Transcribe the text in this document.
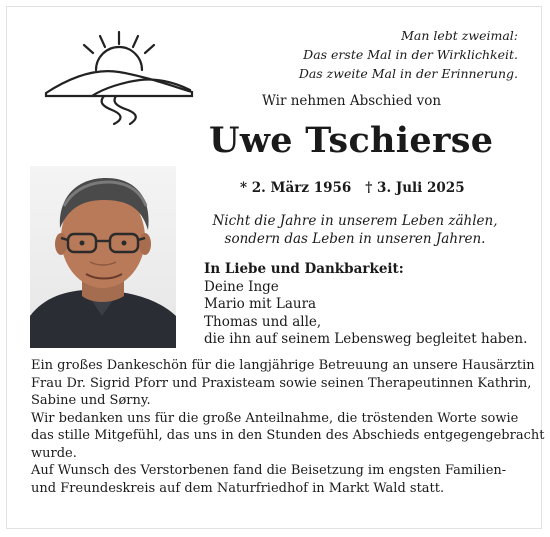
Man lebt zweimal:
Das erste Mal in der Wirklichkeit.
Das zweite Mal in der Erinnerung.
Wir nehmen Abschied von
Uwe Tschierse
* 2. März 1956 † 3. Juli 2025
Nicht die Jahre in unserem Leben zählen,
sondern das Leben in unseren Jahren.
In Liebe und Dankbarkeit:
Deine Inge
Mario mit Laura
Thomas und alle,
die ihn auf seinem Lebensweg begleitet haben.
Ein großes Dankeschön für die langjährige Betreuung an unsere Hausärztin
Frau Dr. Sigrid Pforr und Praxisteam sowie seinen Therapeutinnen Kathrin,
Sabine und Sørny.
Wir bedanken uns für die große Anteilnahme, die tröstenden Worte sowie
das stille Mitgefühl, das uns in den Stunden des Abschieds entgegengebracht
wurde.
Auf Wunsch des Verstorbenen fand die Beisetzung im engsten Familien-
und Freundeskreis auf dem Naturfriedhof in Markt Wald statt.
